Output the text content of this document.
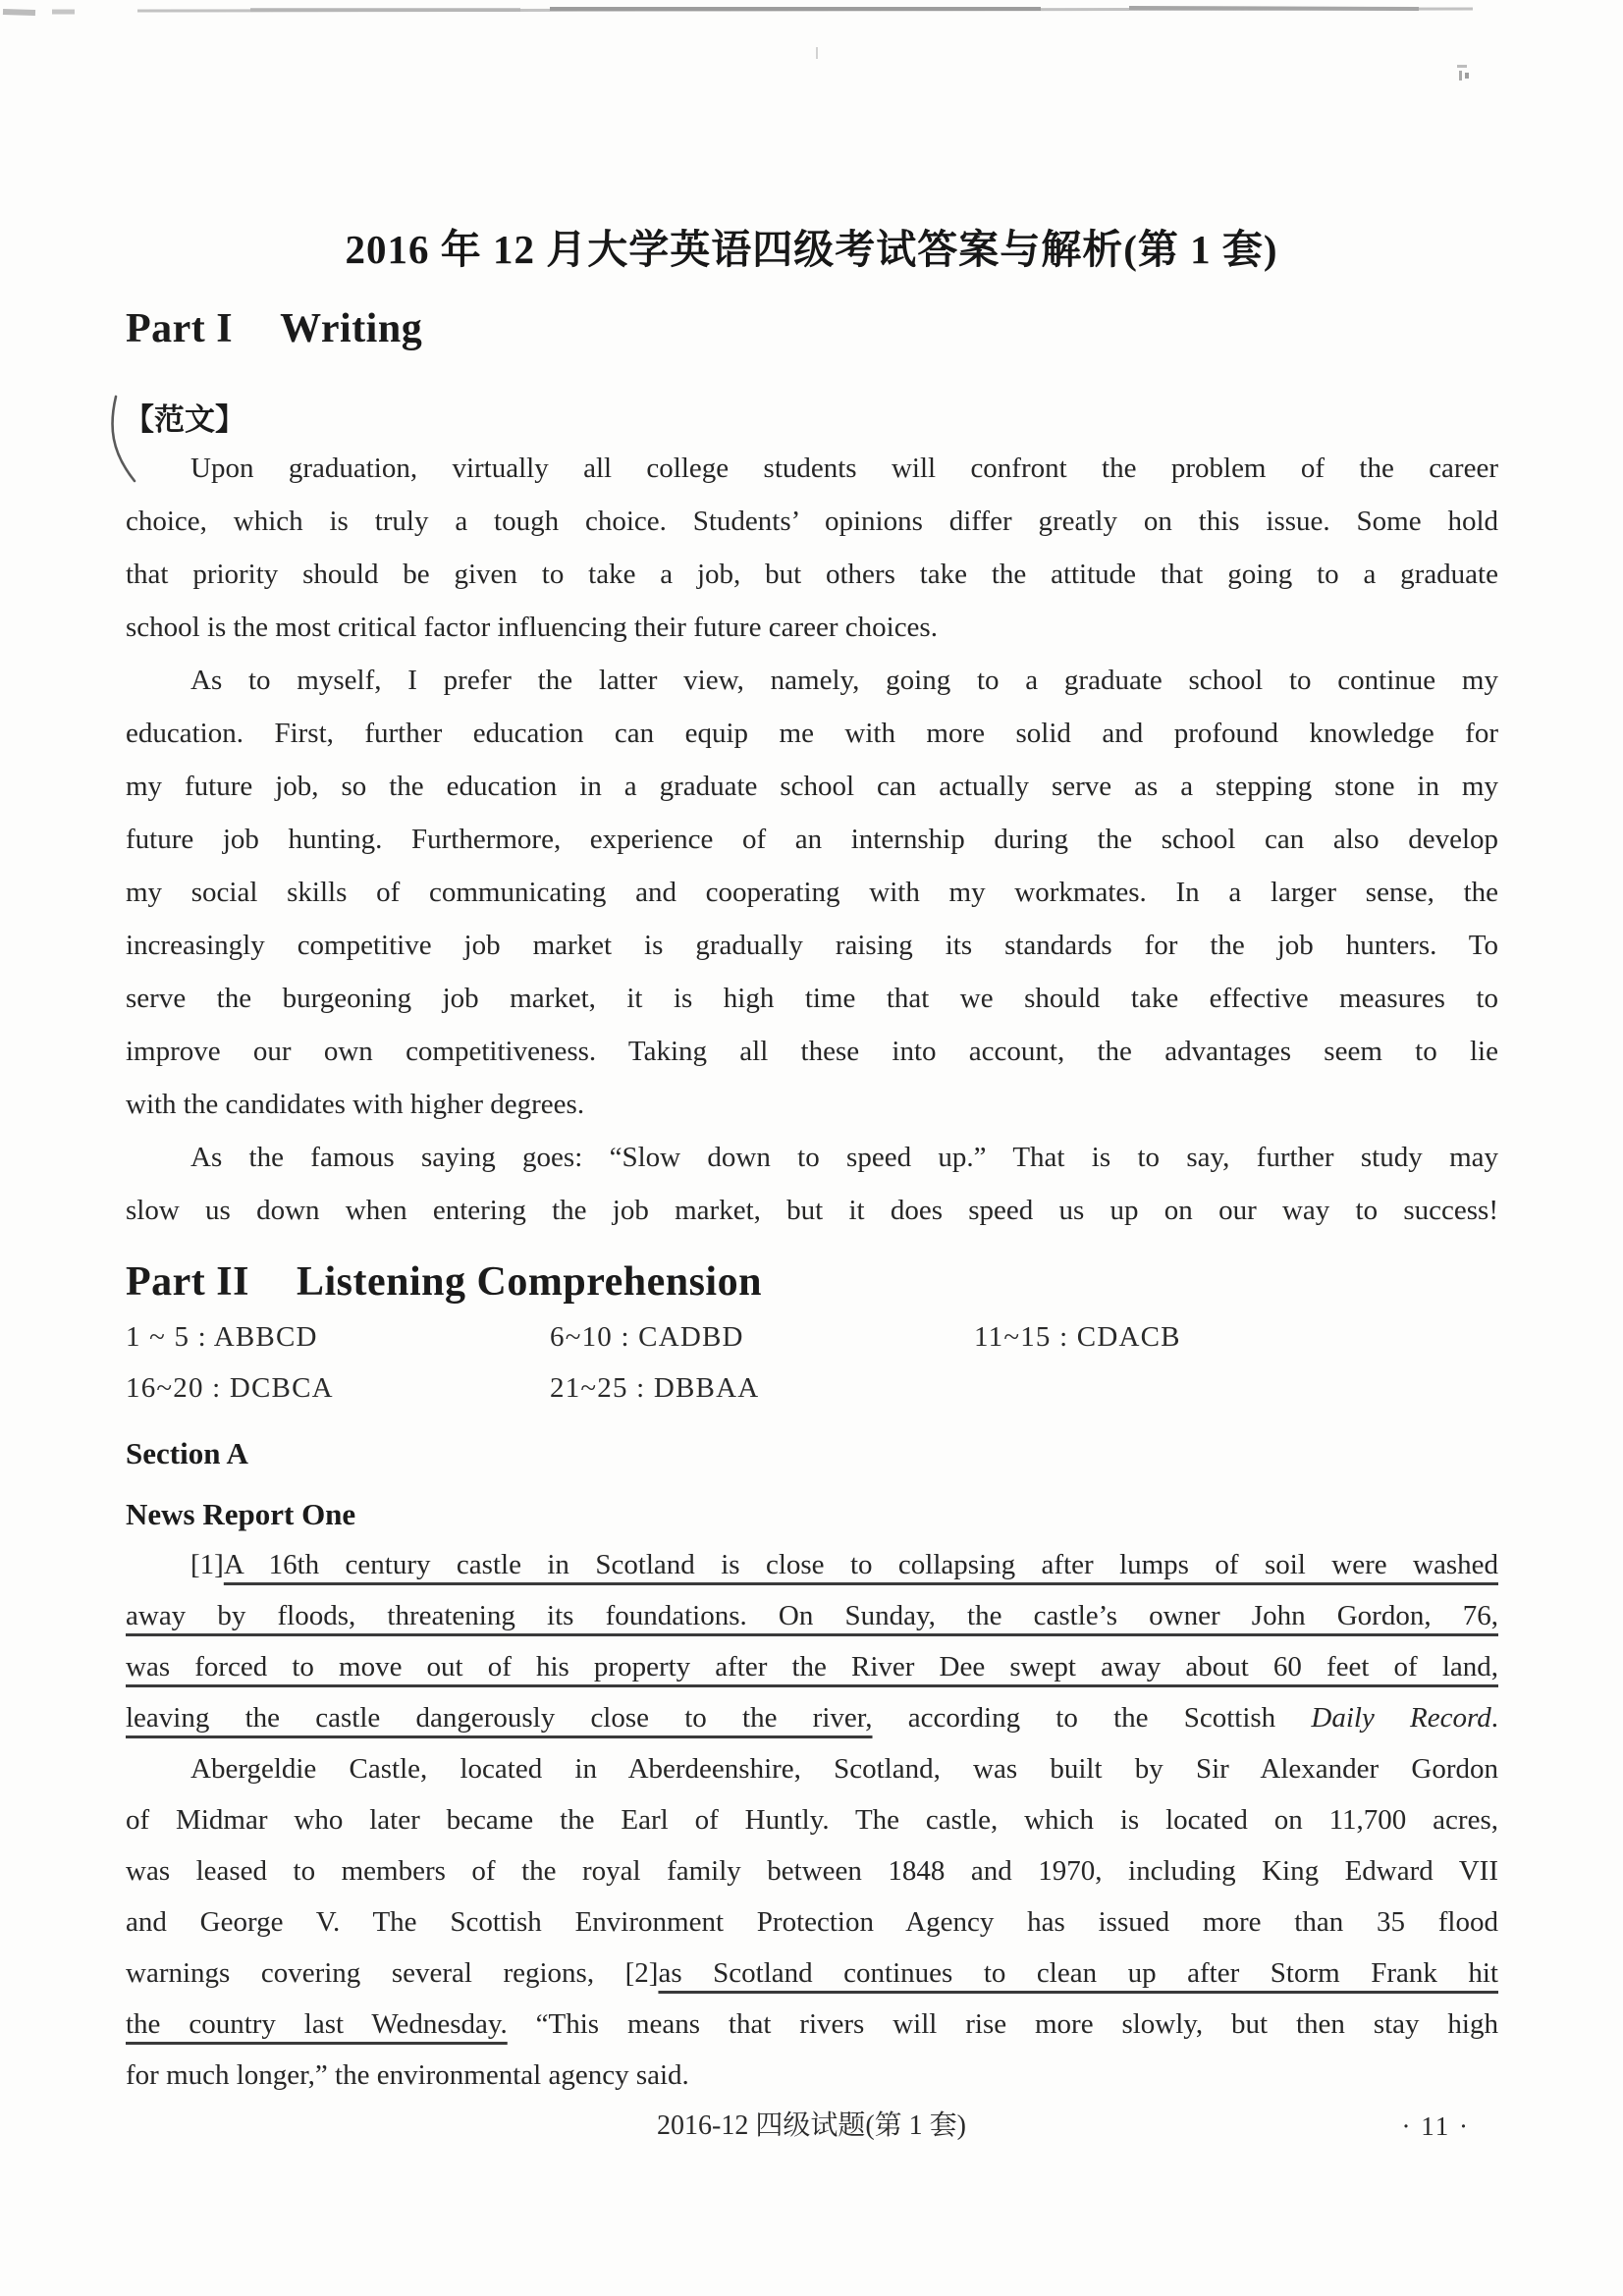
2016 年 12 月大学英语四级考试答案与解析(第 1 套)
Part I Writing
【范文】
Upon graduation, virtually all college students will confront the problem of the career
choice, which is truly a tough choice. Students’ opinions differ greatly on this issue. Some hold
that priority should be given to take a job, but others take the attitude that going to a graduate
school is the most critical factor influencing their future career choices.
As to myself, I prefer the latter view, namely, going to a graduate school to continue my
education. First, further education can equip me with more solid and profound knowledge for
my future job, so the education in a graduate school can actually serve as a stepping stone in my
future job hunting. Furthermore, experience of an internship during the school can also develop
my social skills of communicating and cooperating with my workmates. In a larger sense, the
increasingly competitive job market is gradually raising its standards for the job hunters. To
serve the burgeoning job market, it is high time that we should take effective measures to
improve our own competitiveness. Taking all these into account, the advantages seem to lie
with the candidates with higher degrees.
As the famous saying goes: “Slow down to speed up.” That is to say, further study may
slow us down when entering the job market, but it does speed us up on our way to success!
Part II Listening Comprehension
1 ~ 5 : ABBCD	6~10 : CADBD	11~15 : CDACB
16~20 : DCBCA	21~25 : DBBAA
Section A
News Report One
[1]A 16th century castle in Scotland is close to collapsing after lumps of soil were washed
away by floods, threatening its foundations. On Sunday, the castle’s owner John Gordon, 76,
was forced to move out of his property after the River Dee swept away about 60 feet of land,
leaving the castle dangerously close to the river, according to the Scottish Daily Record.
Abergeldie Castle, located in Aberdeenshire, Scotland, was built by Sir Alexander Gordon
of Midmar who later became the Earl of Huntly. The castle, which is located on 11,700 acres,
was leased to members of the royal family between 1848 and 1970, including King Edward VII
and George V. The Scottish Environment Protection Agency has issued more than 35 flood
warnings covering several regions, [2]as Scotland continues to clean up after Storm Frank hit
the country last Wednesday. “This means that rivers will rise more slowly, but then stay high
for much longer,” the environmental agency said.
2016-12 四级试题(第 1 套)	· 11 ·
